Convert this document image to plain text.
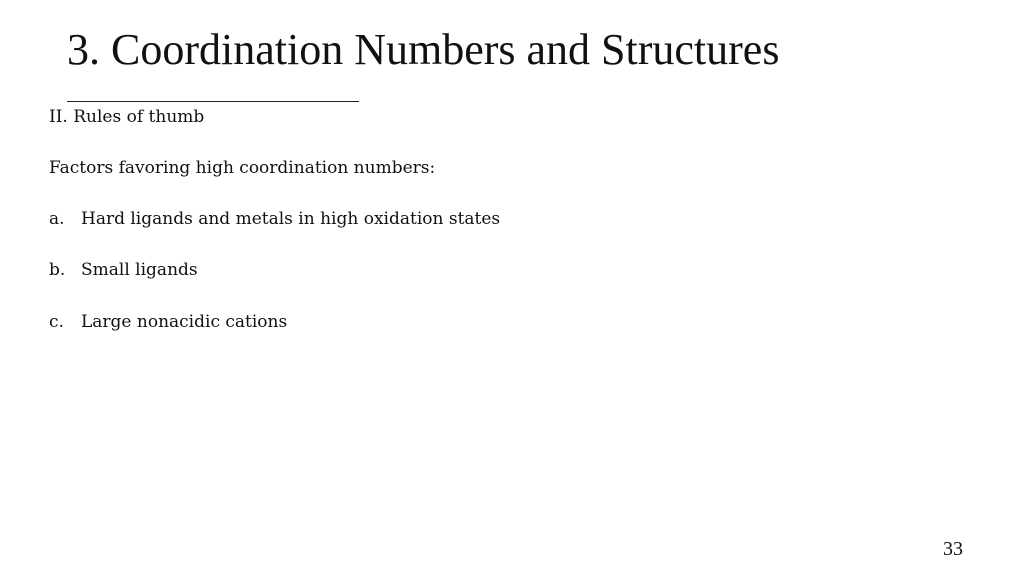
3. Coordination Numbers and Structures

II. Rules of thumb

Factors favoring high coordination numbers:

a. Hard ligands and metals in high oxidation states
b. Small ligands
c.	Large nonacidic cations
33
